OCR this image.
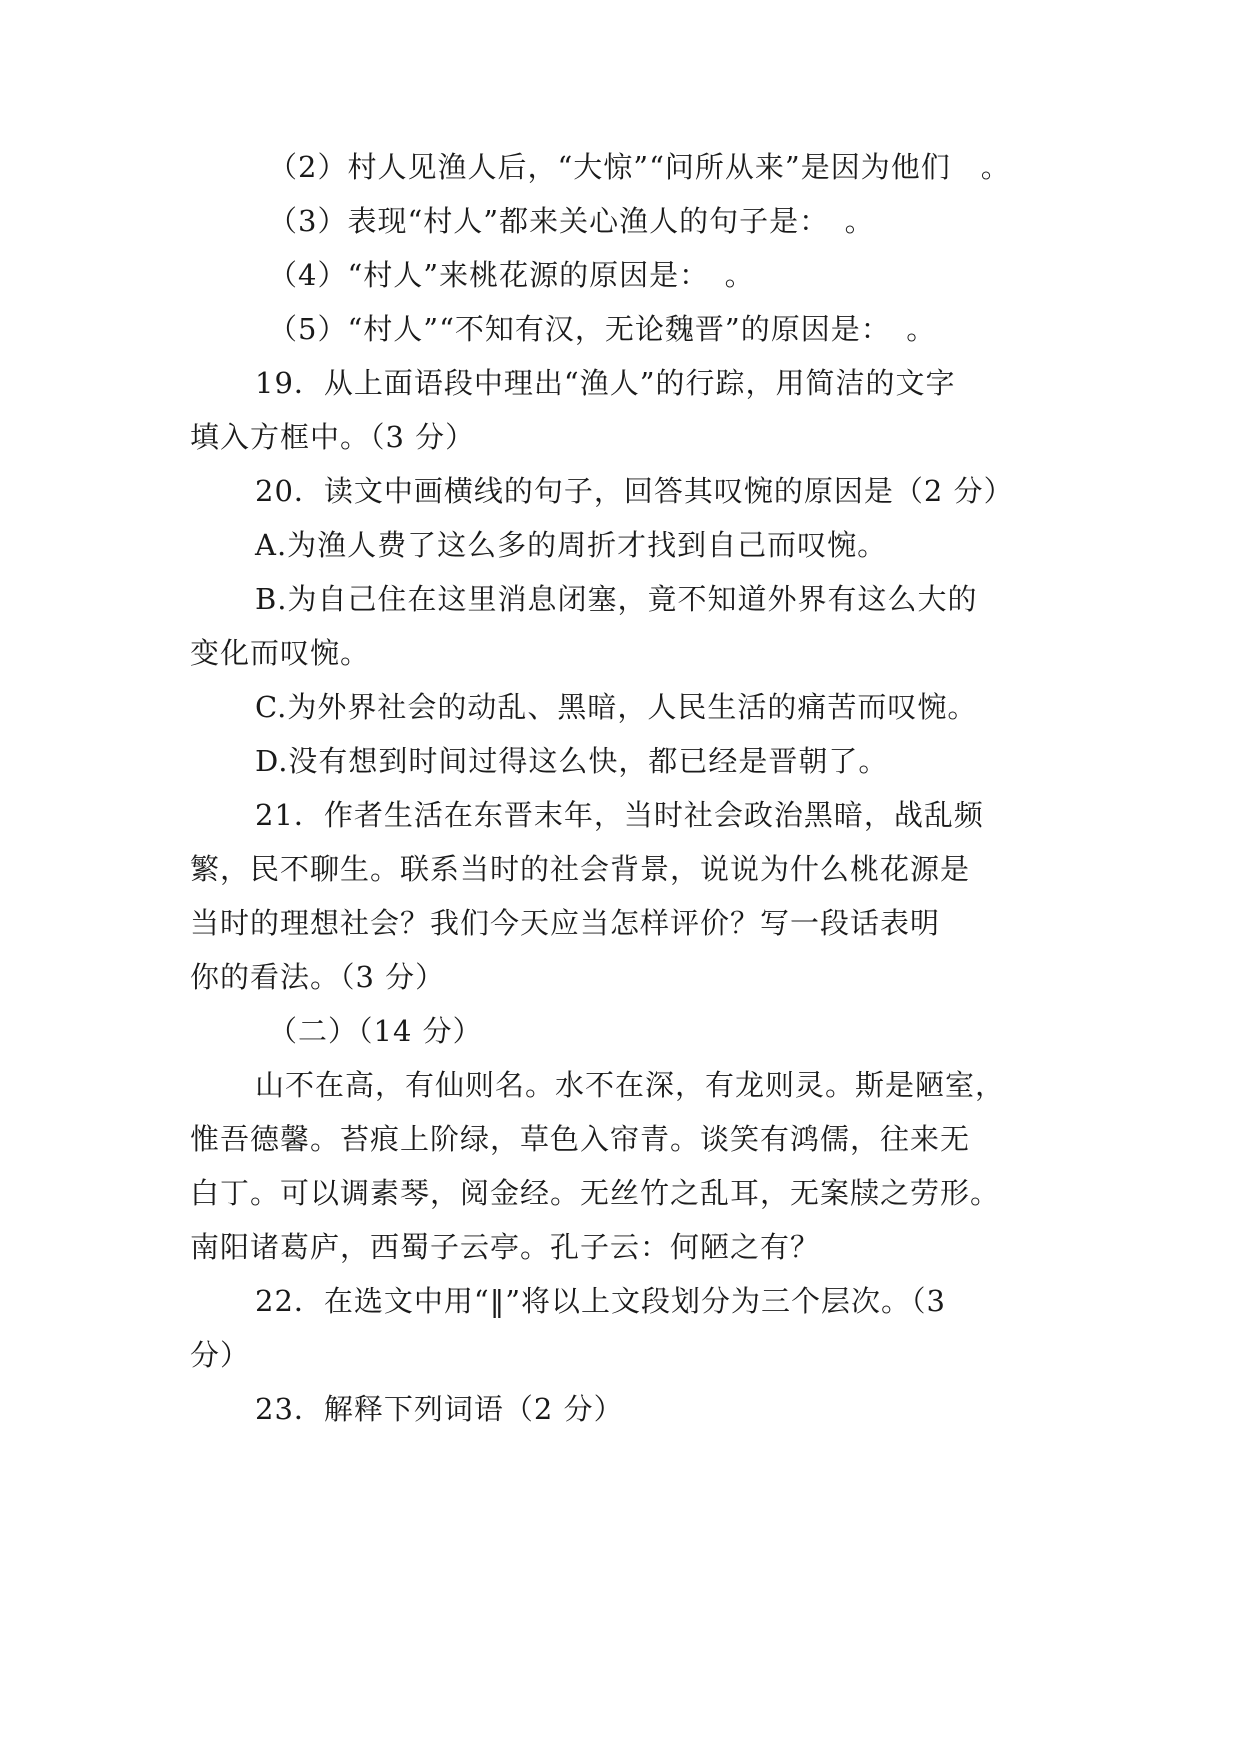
（2）村人见渔人后，“大惊”“问所从来”是因为他们　。
（3）表现“村人”都来关心渔人的句子是：　。
（4）“村人”来桃花源的原因是：　。
（5）“村人”“不知有汉，无论魏晋”的原因是：　。
19．从上面语段中理出“渔人”的行踪，用简洁的文字
填入方框中。（3 分）
20．读文中画横线的句子，回答其叹惋的原因是（2 分）
A.为渔人费了这么多的周折才找到自己而叹惋。
B.为自己住在这里消息闭塞，竟不知道外界有这么大的
变化而叹惋。
C.为外界社会的动乱、黑暗，人民生活的痛苦而叹惋。
D.没有想到时间过得这么快，都已经是晋朝了。
21．作者生活在东晋末年，当时社会政治黑暗，战乱频
繁，民不聊生。联系当时的社会背景，说说为什么桃花源是
当时的理想社会？我们今天应当怎样评价？写一段话表明
你的看法。（3 分）
（二）（14 分）
山不在高，有仙则名。水不在深，有龙则灵。斯是陋室，
惟吾德馨。苔痕上阶绿，草色入帘青。谈笑有鸿儒，往来无
白丁。可以调素琴，阅金经。无丝竹之乱耳，无案牍之劳形。
南阳诸葛庐，西蜀子云亭。孔子云：何陋之有？
22．在选文中用“‖”将以上文段划分为三个层次。（3
分）
23．解释下列词语（2 分）
